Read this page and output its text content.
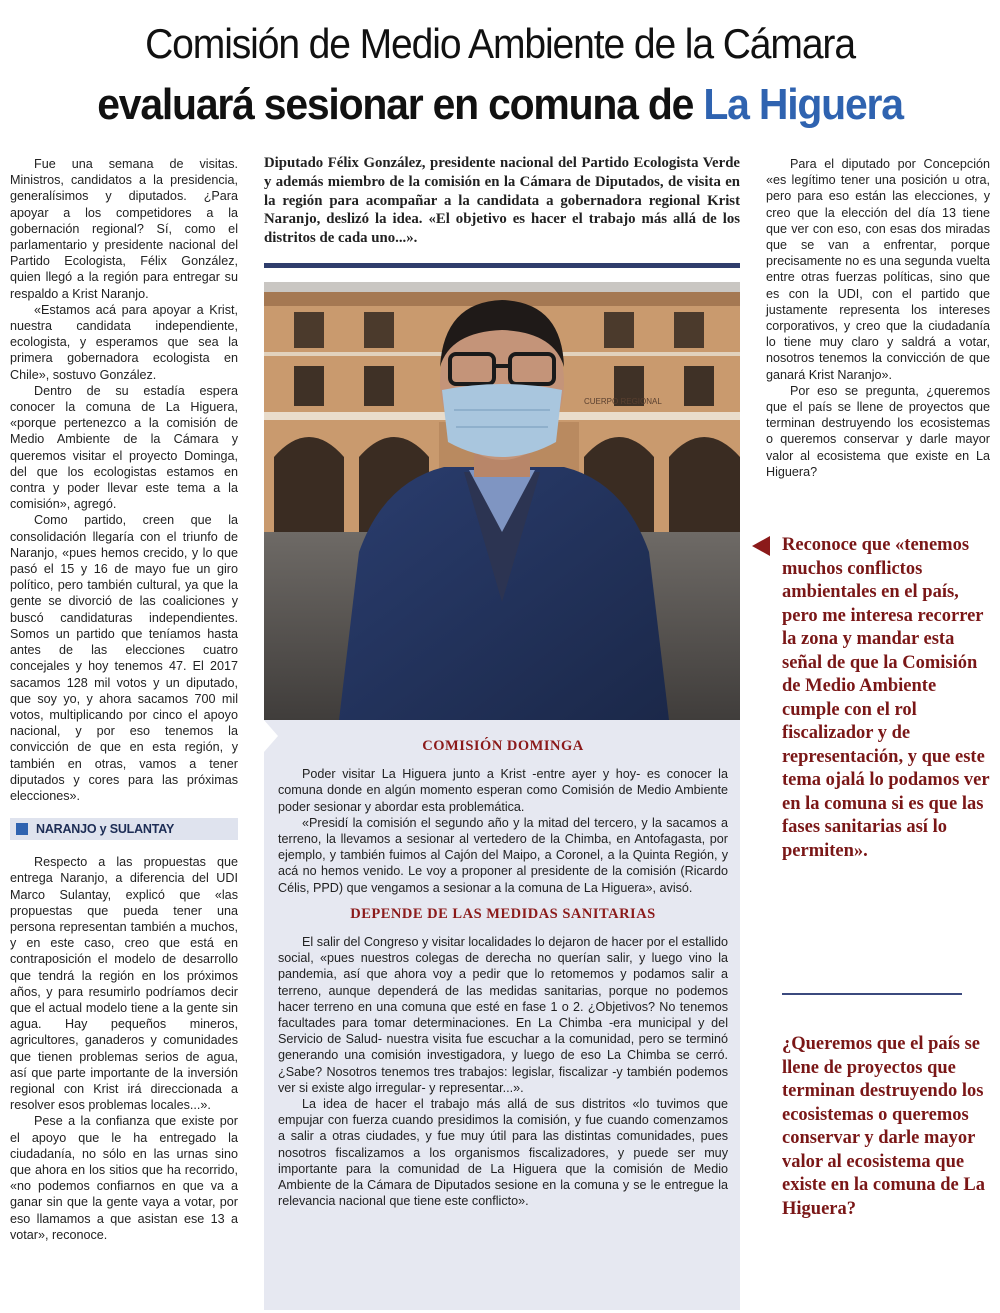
Comisión de Medio Ambiente de la Cámara
evaluará sesionar en comuna de La Higuera

Fue una semana de visitas. Ministros, candidatos a la presidencia, generalísimos y diputados. ¿Para apoyar a los competidores a la gobernación regional? Sí, como el parlamentario y presidente nacional del Partido Ecologista, Félix González, quien llegó a la región para entregar su respaldo a Krist Naranjo.

«Estamos acá para apoyar a Krist, nuestra candidata independiente, ecologista, y esperamos que sea la primera gobernadora ecologista en Chile», sostuvo González.

Dentro de su estadía espera conocer la comuna de La Higuera, «porque pertenezco a la comisión de Medio Ambiente de la Cámara y queremos visitar el proyecto Dominga, del que los ecologistas estamos en contra y poder llevar este tema a la comisión», agregó.

Como partido, creen que la consolidación llegaría con el triunfo de Naranjo, «pues hemos crecido, y lo que pasó el 15 y 16 de mayo fue un giro político, pero también cultural, ya que la gente se divorció de las coaliciones y buscó candidaturas independientes. Somos un partido que teníamos hasta antes de las elecciones cuatro concejales y hoy tenemos 47. El 2017 sacamos 128 mil votos y un diputado, que soy yo, y ahora sacamos 700 mil votos, multiplicando por cinco el apoyo nacional, y por eso tenemos la convicción de que en esta región, y también en otras, vamos a tener diputados y cores para las próximas elecciones».

NARANJO y SULANTAY

Respecto a las propuestas que entrega Naranjo, a diferencia del UDI Marco Sulantay, explicó que «las propuestas que pueda tener una persona representan también a muchos, y en este caso, creo que está en contraposición el modelo de desarrollo que tendrá la región en los próximos años, y para resumirlo podríamos decir que el actual modelo tiene a la gente sin agua. Hay pequeños mineros, agricultores, ganaderos y comunidades que tienen problemas serios de agua, así que parte importante de la inversión regional con Krist irá direccionada a resolver esos problemas locales...».

Pese a la confianza que existe por el apoyo que le ha entregado la ciudadanía, no sólo en las urnas sino que ahora en los sitios que ha recorrido, «no podemos confiarnos en que va a ganar sin que la gente vaya a votar, por eso llamamos a que asistan ese 13 a votar», reconoce.

Diputado Félix González, presidente nacional del Partido Ecologista Verde y además miembro de la comisión en la Cámara de Diputados, de visita en la región para acompañar a la candidata a gobernadora regional Krist Naranjo, deslizó la idea. «El objetivo es hacer el trabajo más allá de los distritos de cada uno...».
CUERPO REGIONAL
COMISIÓN DOMINGA

Poder visitar La Higuera junto a Krist -entre ayer y hoy- es conocer la comuna donde en algún momento esperan como Comisión de Medio Ambiente poder sesionar y abordar esta problemática.

«Presidí la comisión el segundo año y la mitad del tercero, y la sacamos a terreno, la llevamos a sesionar al vertedero de la Chimba, en Antofagasta, por ejemplo, y también fuimos al Cajón del Maipo, a Coronel, a la Quinta Región, y acá no hemos venido. Le voy a proponer al presidente de la comisión (Ricardo Célis, PPD) que vengamos a sesionar a la comuna de La Higuera», avisó.

DEPENDE DE LAS MEDIDAS SANITARIAS

El salir del Congreso y visitar localidades lo dejaron de hacer por el estallido social, «pues nuestros colegas de derecha no querían salir, y luego vino la pandemia, así que ahora voy a pedir que lo retomemos y podamos salir a terreno, aunque dependerá de las medidas sanitarias, porque no podemos hacer terreno en una comuna que esté en fase 1 o 2. ¿Objetivos? No tenemos facultades para tomar determinaciones. En La Chimba -era municipal y del Servicio de Salud- nuestra visita fue escuchar a la comunidad, pero se terminó generando una comisión investigadora, y luego de eso La Chimba se cerró. ¿Sabe? Nosotros tenemos tres trabajos: legislar, fiscalizar -y también podemos ver si existe algo irregular- y representar...».

La idea de hacer el trabajo más allá de sus distritos «lo tuvimos que empujar con fuerza cuando presidimos la comisión, y fue cuando comenzamos a salir a otras ciudades, y fue muy útil para las distintas comunidades, pues nosotros fiscalizamos a los organismos fiscalizadores, y puede ser muy importante para la comunidad de La Higuera que la comisión de Medio Ambiente de la Cámara de Diputados sesione en la comuna y se le entregue la relevancia nacional que tiene este conflicto».

Para el diputado por Concepción «es legítimo tener una posición u otra, pero para eso están las elecciones, y creo que la elección del día 13 tiene que ver con eso, con esas dos miradas que se van a enfrentar, porque precisamente no es una segunda vuelta entre otras fuerzas políticas, sino que es con la UDI, con el partido que justamente representa los intereses corporativos, y creo que la ciudadanía lo tiene muy claro y saldrá a votar, nosotros tenemos la convicción de que ganará Krist Naranjo».

Por eso se pregunta, ¿queremos que el país se llene de proyectos que terminan destruyendo los ecosistemas o queremos conservar y darle mayor valor al ecosistema que existe en La Higuera?

Reconoce que «tenemos muchos conflictos ambientales en el país, pero me interesa recorrer la zona y mandar esta señal de que la Comisión de Medio Ambiente cumple con el rol fiscalizador y de representación, y que este tema ojalá lo podamos ver en la comuna si es que las fases sanitarias así lo permiten».
¿Queremos que el país se llene de proyectos que terminan destruyendo los ecosistemas o queremos conservar y darle mayor valor al ecosistema que existe en la comuna de La Higuera?
